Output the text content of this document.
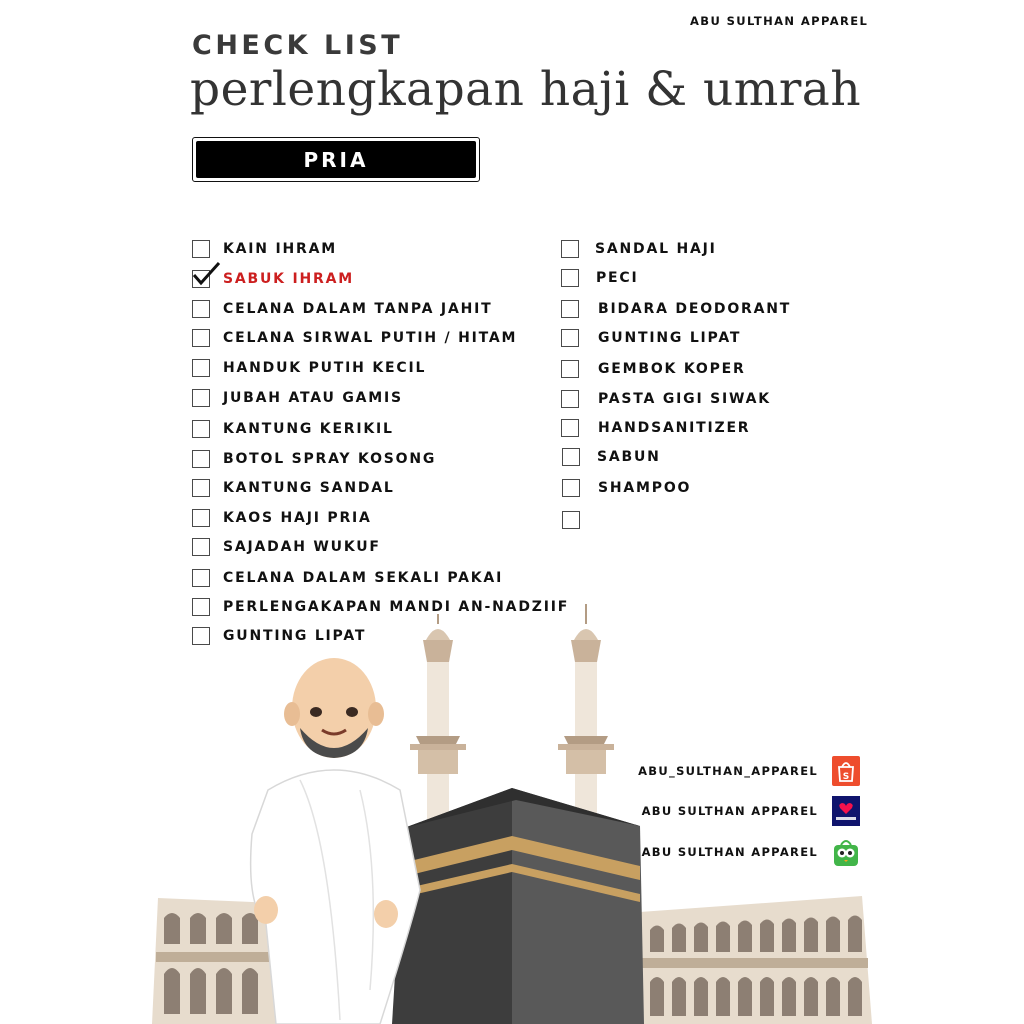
ABU SULTHAN APPAREL
CHECK LIST
perlengkapan haji & umrah
PRIA
KAIN IHRAM
SABUK IHRAM
CELANA DALAM TANPA JAHIT
CELANA SIRWAL PUTIH / HITAM
HANDUK PUTIH KECIL
JUBAH ATAU GAMIS
KANTUNG KERIKIL
BOTOL SPRAY KOSONG
KANTUNG SANDAL
KAOS HAJI PRIA
SAJADAH WUKUF
CELANA DALAM SEKALI PAKAI
PERLENGAKAPAN MANDI AN-NADZIIF
GUNTING LIPAT
SANDAL HAJI
PECI
BIDARA DEODORANT
GUNTING LIPAT
GEMBOK KOPER
PASTA GIGI SIWAK
HANDSANITIZER
SABUN
SHAMPOO
ABU_SULTHAN_APPAREL	S
ABU SULTHAN APPAREL
ABU SULTHAN APPAREL
